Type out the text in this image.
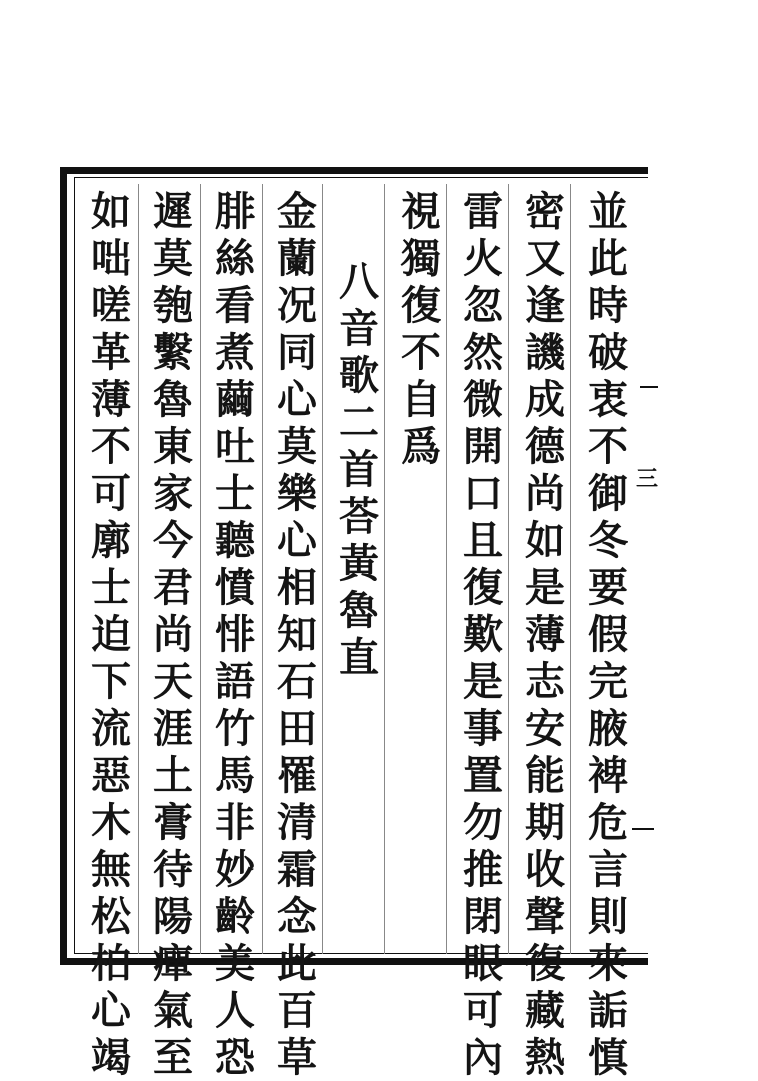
三
並
此
時
破
衷
不
御
冬
要
假
完
腋
裨
危
言
則
來
詬
慎
密
又
逢
譏
成
德
尚
如
是
薄
志
安
能
期
收
聲
復
藏
熱
雷
火
忽
然
微
開
口
且
復
歎
是
事
置
勿
推
閉
眼
可
內
視
獨
復
不
自
爲
八
音
歌
二
首
荅
黃
魯
直
金
蘭
况
同
心
莫
樂
心
相
知
石
田
罹
清
霜
念
此
百
草
腓
絲
看
煮
繭
吐
士
聽
憤
悱
語
竹
馬
非
妙
齡
美
人
恐
遲
莫
匏
繫
魯
東
家
今
君
尚
天
涯
土
膏
待
陽
癉
氣
至
如
咄
嗟
革
薄
不
可
廓
士
迫
下
流
惡
木
無
松
柏
心
竭
